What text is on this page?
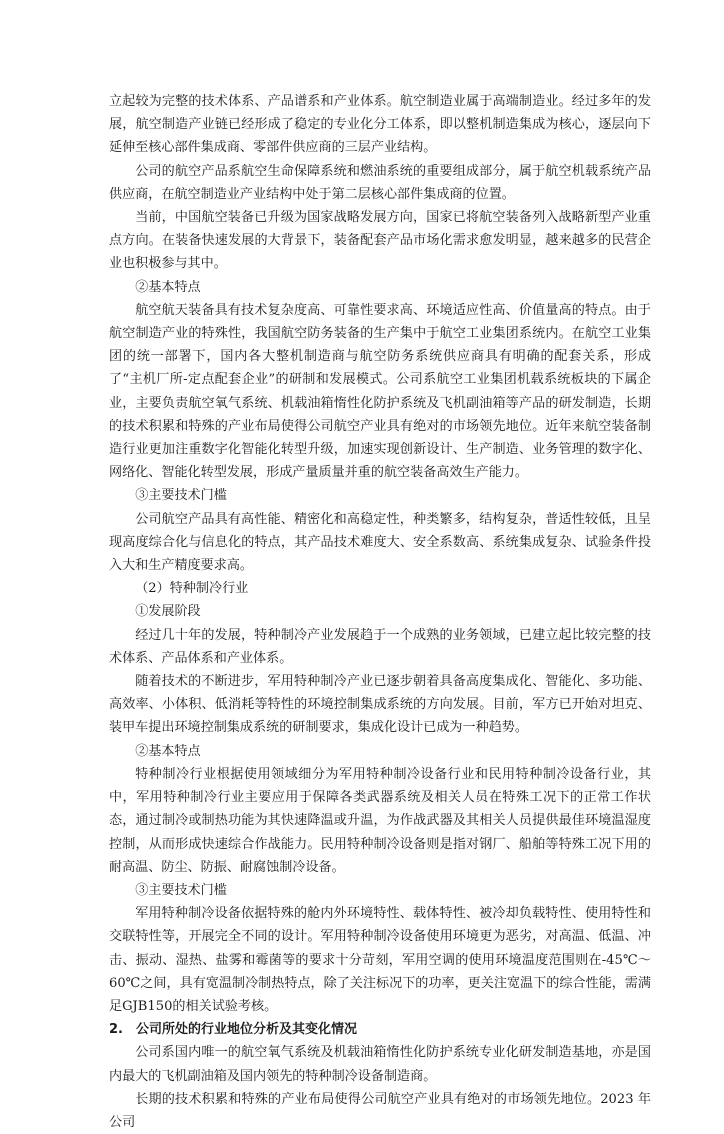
立起较为完整的技术体系、产品谱系和产业体系。航空制造业属于高端制造业。经过多年的发展，航空制造产业链已经形成了稳定的专业化分工体系，即以整机制造集成为核心，逐层向下延伸至核心部件集成商、零部件供应商的三层产业结构。

公司的航空产品系航空生命保障系统和燃油系统的重要组成部分，属于航空机载系统产品供应商，在航空制造业产业结构中处于第二层核心部件集成商的位置。

当前，中国航空装备已升级为国家战略发展方向，国家已将航空装备列入战略新型产业重点方向。在装备快速发展的大背景下，装备配套产品市场化需求愈发明显，越来越多的民营企业也积极参与其中。

②基本特点

航空航天装备具有技术复杂度高、可靠性要求高、环境适应性高、价值量高的特点。由于航空制造产业的特殊性，我国航空防务装备的生产集中于航空工业集团系统内。在航空工业集团的统一部署下，国内各大整机制造商与航空防务系统供应商具有明确的配套关系，形成了“主机厂所-定点配套企业”的研制和发展模式。公司系航空工业集团机载系统板块的下属企业，主要负责航空氧气系统、机载油箱惰性化防护系统及飞机副油箱等产品的研发制造，长期的技术积累和特殊的产业布局使得公司航空产业具有绝对的市场领先地位。近年来航空装备制造行业更加注重数字化智能化转型升级，加速实现创新设计、生产制造、业务管理的数字化、网络化、智能化转型发展，形成产量质量并重的航空装备高效生产能力。

③主要技术门槛

公司航空产品具有高性能、精密化和高稳定性，种类繁多，结构复杂，普适性较低，且呈现高度综合化与信息化的特点，其产品技术难度大、安全系数高、系统集成复杂、试验条件投入大和生产精度要求高。

（2）特种制冷行业

①发展阶段

经过几十年的发展，特种制冷产业发展趋于一个成熟的业务领域，已建立起比较完整的技术体系、产品体系和产业体系。

随着技术的不断进步，军用特种制冷产业已逐步朝着具备高度集成化、智能化、多功能、高效率、小体积、低消耗等特性的环境控制集成系统的方向发展。目前，军方已开始对坦克、装甲车提出环境控制集成系统的研制要求，集成化设计已成为一种趋势。

②基本特点

特种制冷行业根据使用领域细分为军用特种制冷设备行业和民用特种制冷设备行业，其中，军用特种制冷行业主要应用于保障各类武器系统及相关人员在特殊工况下的正常工作状态，通过制冷或制热功能为其快速降温或升温，为作战武器及其相关人员提供最佳环境温湿度控制，从而形成快速综合作战能力。民用特种制冷设备则是指对钢厂、船舶等特殊工况下用的耐高温、防尘、防振、耐腐蚀制冷设备。

③主要技术门槛

军用特种制冷设备依据特殊的舱内外环境特性、载体特性、被冷却负载特性、使用特性和交联特性等，开展完全不同的设计。军用特种制冷设备使用环境更为恶劣，对高温、低温、冲击、振动、湿热、盐雾和霉菌等的要求十分苛刻，军用空调的使用环境温度范围则在-45℃～60℃之间，具有宽温制冷制热特点，除了关注标况下的功率，更关注宽温下的综合性能，需满足GJB150的相关试验考核。

2.　公司所处的行业地位分析及其变化情况

公司系国内唯一的航空氧气系统及机载油箱惰性化防护系统专业化研发制造基地，亦是国内最大的飞机副油箱及国内领先的特种制冷设备制造商。

长期的技术积累和特殊的产业布局使得公司航空产业具有绝对的市场领先地位。2023 年公司
